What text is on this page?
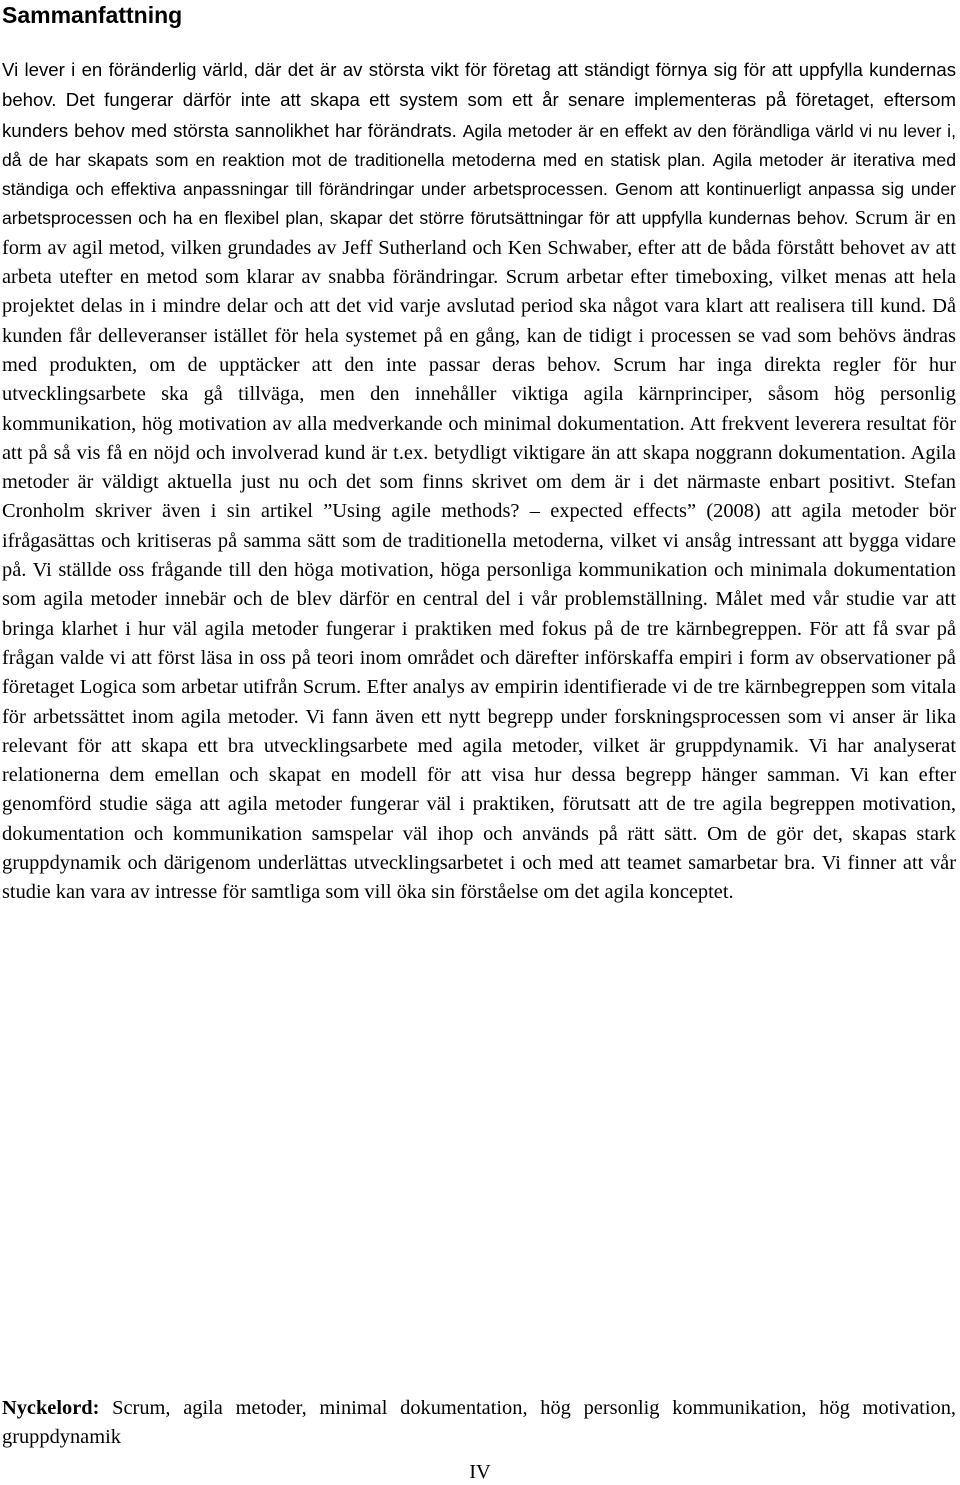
Sammanfattning

Vi lever i en föränderlig värld, där det är av största vikt för företag att ständigt förnya sig för att uppfylla kundernas behov. Det fungerar därför inte att skapa ett system som ett år senare implementeras på företaget, eftersom kunders behov med största sannolikhet har förändrats. Agila metoder är en effekt av den förändliga värld vi nu lever i, då de har skapats som en reaktion mot de traditionella metoderna med en statisk plan. Agila metoder är iterativa med ständiga och effektiva anpassningar till förändringar under arbetsprocessen. Genom att kontinuerligt anpassa sig under arbetsprocessen och ha en flexibel plan, skapar det större förutsättningar för att uppfylla kundernas behov. Scrum är en form av agil metod, vilken grundades av Jeff Sutherland och Ken Schwaber, efter att de båda förstått behovet av att arbeta utefter en metod som klarar av snabba förändringar. Scrum arbetar efter timeboxing, vilket menas att hela projektet delas in i mindre delar och att det vid varje avslutad period ska något vara klart att realisera till kund. Då kunden får delleveranser istället för hela systemet på en gång, kan de tidigt i processen se vad som behövs ändras med produkten, om de upptäcker att den inte passar deras behov. Scrum har inga direkta regler för hur utvecklingsarbete ska gå tillväga, men den innehåller viktiga agila kärnprinciper, såsom hög personlig kommunikation, hög motivation av alla medverkande och minimal dokumentation. Att frekvent leverera resultat för att på så vis få en nöjd och involverad kund är t.ex. betydligt viktigare än att skapa noggrann dokumentation. Agila metoder är väldigt aktuella just nu och det som finns skrivet om dem är i det närmaste enbart positivt. Stefan Cronholm skriver även i sin artikel ”Using agile methods? – expected effects” (2008) att agila metoder bör ifrågasättas och kritiseras på samma sätt som de traditionella metoderna, vilket vi ansåg intressant att bygga vidare på. Vi ställde oss frågande till den höga motivation, höga personliga kommunikation och minimala dokumentation som agila metoder innebär och de blev därför en central del i vår problemställning. Målet med vår studie var att bringa klarhet i hur väl agila metoder fungerar i praktiken med fokus på de tre kärnbegreppen. För att få svar på frågan valde vi att först läsa in oss på teori inom området och därefter införskaffa empiri i form av observationer på företaget Logica som arbetar utifrån Scrum. Efter analys av empirin identifierade vi de tre kärnbegreppen som vitala för arbetssättet inom agila metoder. Vi fann även ett nytt begrepp under forskningsprocessen som vi anser är lika relevant för att skapa ett bra utvecklingsarbete med agila metoder, vilket är gruppdynamik. Vi har analyserat relationerna dem emellan och skapat en modell för att visa hur dessa begrepp hänger samman. Vi kan efter genomförd studie säga att agila metoder fungerar väl i praktiken, förutsatt att de tre agila begreppen motivation, dokumentation och kommunikation samspelar väl ihop och används på rätt sätt. Om de gör det, skapas stark gruppdynamik och därigenom underlättas utvecklingsarbetet i och med att teamet samarbetar bra. Vi finner att vår studie kan vara av intresse för samtliga som vill öka sin förståelse om det agila konceptet.

Nyckelord: Scrum, agila metoder, minimal dokumentation, hög personlig kommunikation, hög motivation, gruppdynamik

IV
